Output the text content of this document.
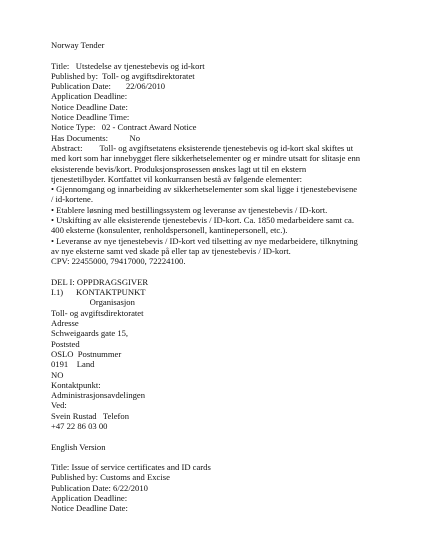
Norway Tender
Title:   Utstedelse av tjenestebevis og id-kort
Published by:  Toll- og avgiftsdirektoratet
Publication Date:       22/06/2010
Application Deadline:
Notice Deadline Date:
Notice Deadline Time:
Notice Type:   02 - Contract Award Notice
Has Documents:          No
Abstract:        Toll- og avgiftsetatens eksisterende tjenestebevis og id-kort skal skiftes ut
med kort som har innebygget flere sikkerhetselementer og er mindre utsatt for slitasje enn
eksisterende bevis/kort. Produksjonsprosessen ønskes lagt ut til en ekstern
tjenestetilbyder. Kortfattet vil konkurransen bestå av følgende elementer:
• Gjennomgang og innarbeiding av sikkerhetselementer som skal ligge i tjenestebevisene
/ id-kortene.
• Etablere løsning med bestillingssystem og leveranse av tjenestebevis / ID-kort.
• Utskifting av alle eksisterende tjenestebevis / ID-kort. Ca. 1850 medarbeidere samt ca.
400 eksterne (konsulenter, renholdspersonell, kantinepersonell, etc.).
• Leveranse av nye tjenestebevis / ID-kort ved tilsetting av nye medarbeidere, tilknytning
av nye eksterne samt ved skade på eller tap av tjenestebevis / ID-kort.
CPV: 22455000, 79417000, 72224100.
DEL I: OPPDRAGSGIVER
I.1)      KONTAKTPUNKT
Organisasjon
Toll- og avgiftsdirektoratet
Adresse
Schweigaards gate 15,
Poststed
OSLO  Postnummer
0191    Land
NO
Kontaktpunkt:
Administrasjonsavdelingen
Ved:
Svein Rustad   Telefon
+47 22 86 03 00
English Version
Title: Issue of service certificates and ID cards
Published by: Customs and Excise
Publication Date: 6/22/2010
Application Deadline:
Notice Deadline Date:
